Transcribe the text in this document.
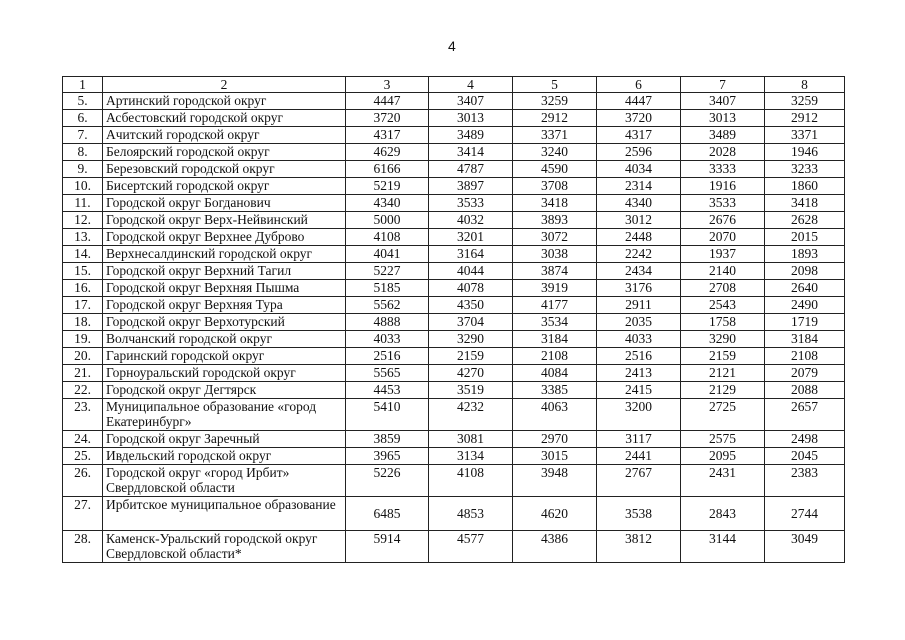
4
1	2	3	4	5	6	7	8
5.	Артинский городской округ	4447	3407	3259	4447	3407	3259
6.	Асбестовский городской округ	3720	3013	2912	3720	3013	2912
7.	Ачитский городской округ	4317	3489	3371	4317	3489	3371
8.	Белоярский городской округ	4629	3414	3240	2596	2028	1946
9.	Березовский городской округ	6166	4787	4590	4034	3333	3233
10.	Бисертский городской округ	5219	3897	3708	2314	1916	1860
11.	Городской округ Богданович	4340	3533	3418	4340	3533	3418
12.	Городской округ Верх-Нейвинский	5000	4032	3893	3012	2676	2628
13.	Городской округ Верхнее Дуброво	4108	3201	3072	2448	2070	2015
14.	Верхнесалдинский городской округ	4041	3164	3038	2242	1937	1893
15.	Городской округ Верхний Тагил	5227	4044	3874	2434	2140	2098
16.	Городской округ Верхняя Пышма	5185	4078	3919	3176	2708	2640
17.	Городской округ Верхняя Тура	5562	4350	4177	2911	2543	2490
18.	Городской округ Верхотурский	4888	3704	3534	2035	1758	1719
19.	Волчанский городской округ	4033	3290	3184	4033	3290	3184
20.	Гаринский городской округ	2516	2159	2108	2516	2159	2108
21.	Горноуральский городской округ	5565	4270	4084	2413	2121	2079
22.	Городской округ Дегтярск	4453	3519	3385	2415	2129	2088
23.	Муниципальное образование «город Екатеринбург»	5410	4232	4063	3200	2725	2657
24.	Городской округ Заречный	3859	3081	2970	3117	2575	2498
25.	Ивдельский городской округ	3965	3134	3015	2441	2095	2045
26.	Городской округ «город Ирбит» Свердловской области	5226	4108	3948	2767	2431	2383
27.	Ирбитское муниципальное образование	6485	4853	4620	3538	2843	2744
28.	Каменск-Уральский городской округ Свердловской области*	5914	4577	4386	3812	3144	3049
